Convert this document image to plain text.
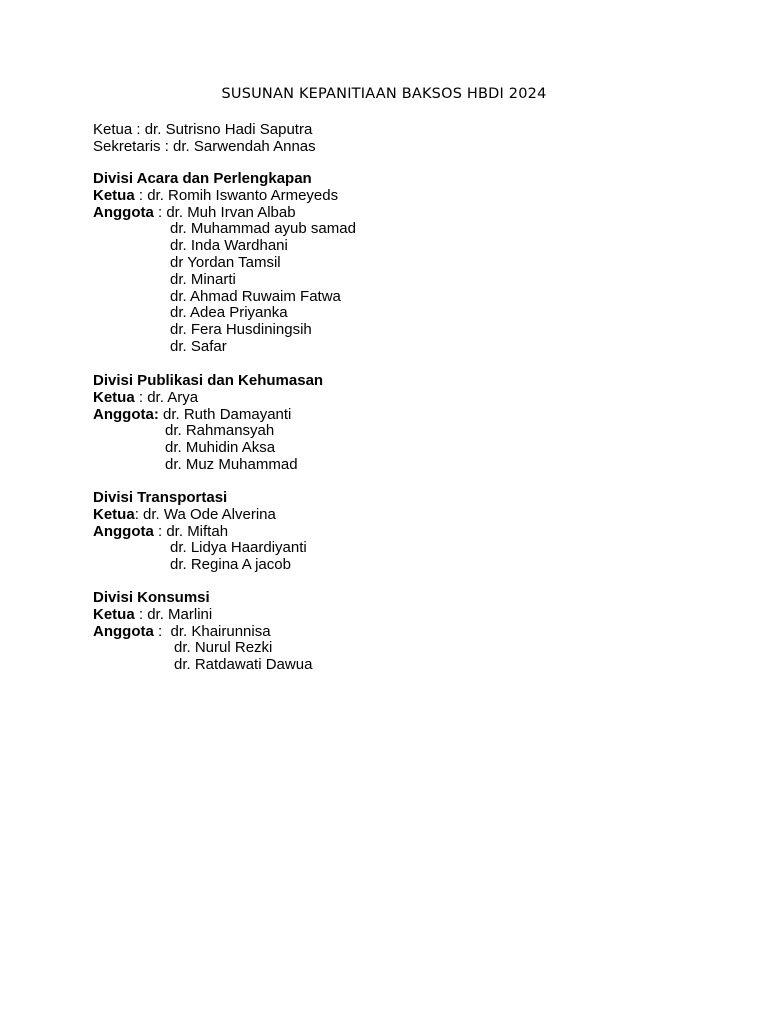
SUSUNAN KEPANITIAAN BAKSOS HBDI 2024
Ketua : dr. Sutrisno Hadi Saputra
Sekretaris : dr. Sarwendah Annas
Divisi Acara dan Perlengkapan
Ketua : dr. Romih Iswanto Armeyeds
Anggota : dr. Muh Irvan Albab
dr. Muhammad ayub samad
dr. Inda Wardhani
dr Yordan Tamsil
dr. Minarti
dr. Ahmad Ruwaim Fatwa
dr. Adea Priyanka
dr. Fera Husdiningsih
dr. Safar
Divisi Publikasi dan Kehumasan
Ketua : dr. Arya
Anggota: dr. Ruth Damayanti
dr. Rahmansyah
dr. Muhidin Aksa
dr. Muz Muhammad
Divisi Transportasi
Ketua: dr. Wa Ode Alverina
Anggota : dr. Miftah
dr. Lidya Haardiyanti
dr. Regina A jacob
Divisi Konsumsi
Ketua : dr. Marlini
Anggota :  dr. Khairunnisa
dr. Nurul Rezki
dr. Ratdawati Dawua
